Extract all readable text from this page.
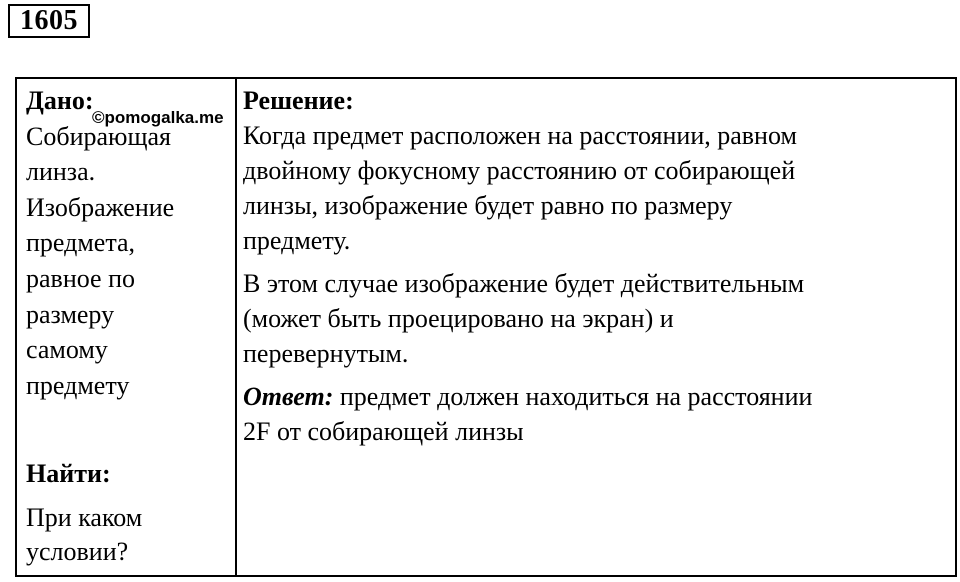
1605
Дано:
Собирающая
линза.
Изображение
предмета,
равное по
размеру
самому
предмету
©pomogalka.me
Найти:
При каком
условии?
Решение:
Когда предмет расположен на расстоянии, равном
двойному фокусному расстоянию от собирающей
линзы, изображение будет равно по размеру
предмету.
В этом случае изображение будет действительным
(может быть проецировано на экран) и
перевернутым.
Ответ: предмет должен находиться на расстоянии
2F от собирающей линзы
